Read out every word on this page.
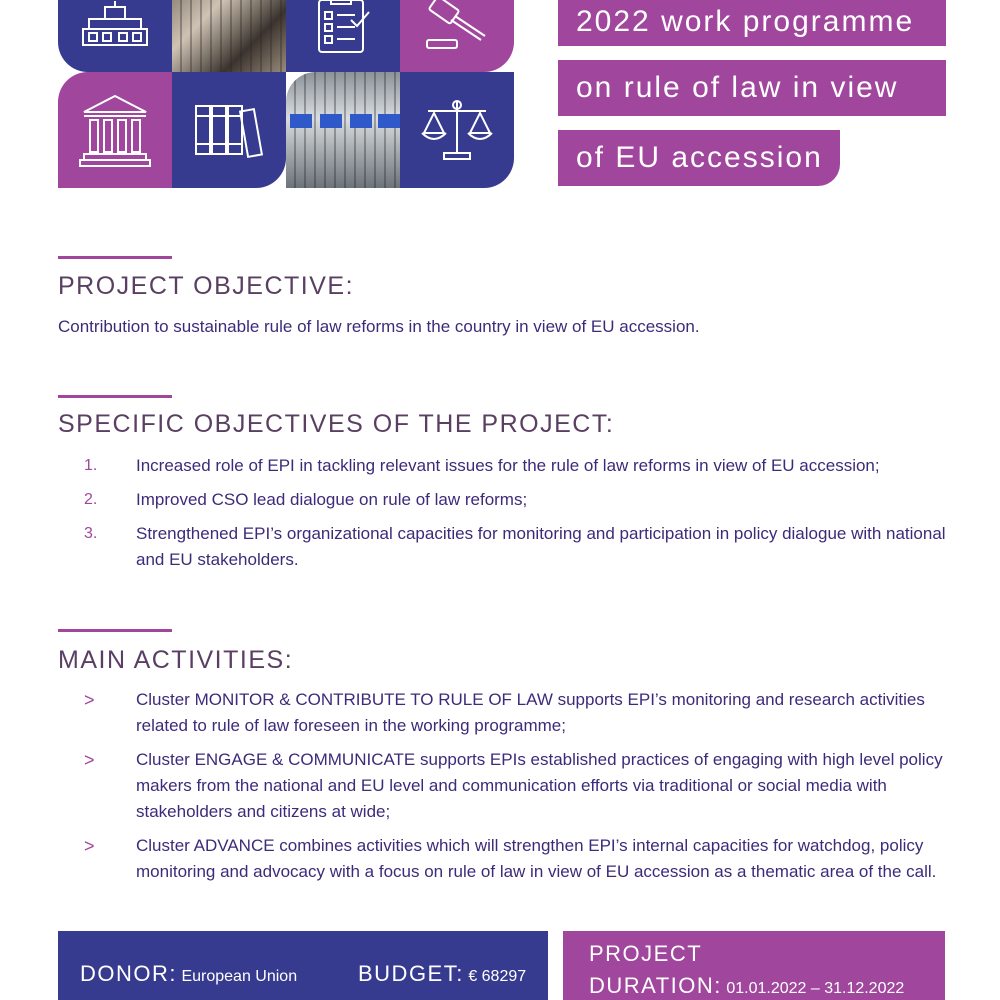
2022 work programme
on rule of law in view
of EU accession
PROJECT OBJECTIVE:
Contribution to sustainable rule of law reforms in the country in view of EU accession.
SPECIFIC OBJECTIVES OF THE PROJECT:
1.	Increased role of EPI in tackling relevant issues for the rule of law reforms in view of EU accession;
2.	Improved CSO lead dialogue on rule of law reforms;
3.	Strengthened EPI’s organizational capacities for monitoring and participation in policy dialogue with national and EU stakeholders.
MAIN ACTIVITIES:
>	Cluster MONITOR & CONTRIBUTE TO RULE OF LAW supports EPI’s monitoring and research activities related to rule of law foreseen in the working programme;
>	Cluster ENGAGE & COMMUNICATE supports EPIs established practices of engaging with high level policy makers from the national and EU level and communication efforts via traditional or social media with stakeholders and citizens at wide;
>	Cluster ADVANCE combines activities which will strengthen EPI’s internal capacities for watchdog, policy monitoring and advocacy with a focus on rule of law in view of EU accession as a thematic area of the call.
DONOR: European Union	BUDGET: € 68297
PROJECT
DURATION: 01.01.2022 – 31.12.2022
